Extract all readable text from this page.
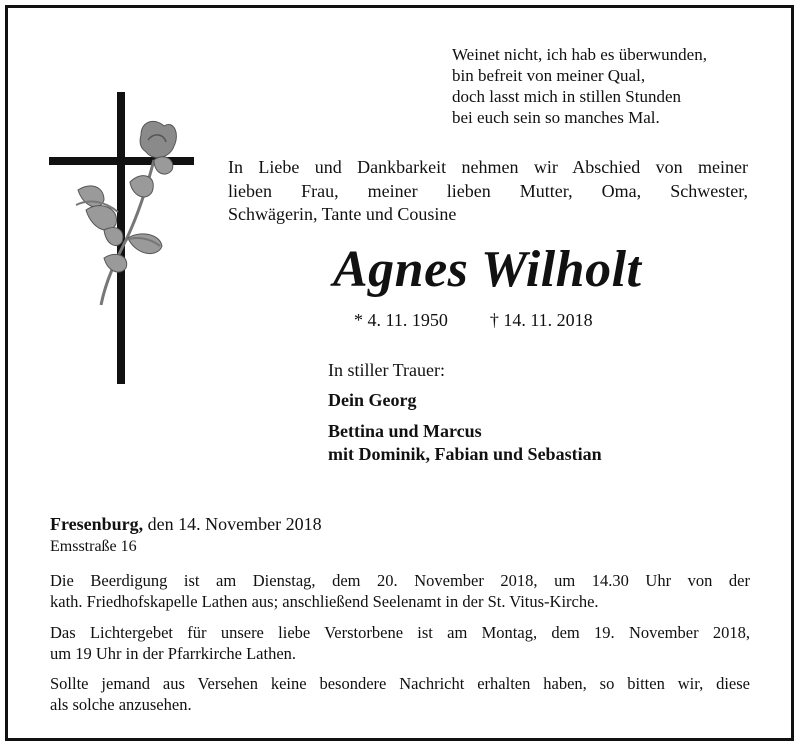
Weinet nicht, ich hab es überwunden,
bin befreit von meiner Qual,
doch lasst mich in stillen Stunden
bei euch sein so manches Mal.
In Liebe und Dankbarkeit nehmen wir Abschied von meiner
lieben Frau, meiner lieben Mutter, Oma, Schwester,
Schwägerin, Tante und Cousine
Agnes Wilholt
* 4. 11. 1950 † 14. 11. 2018
In stiller Trauer:
Dein Georg
Bettina und Marcus
mit Dominik, Fabian und Sebastian
Fresenburg, den 14. November 2018
Emsstraße 16
Die Beerdigung ist am Dienstag, dem 20. November 2018, um 14.30 Uhr von der
kath. Friedhofskapelle Lathen aus; anschließend Seelenamt in der St. Vitus-Kirche.
Das Lichtergebet für unsere liebe Verstorbene ist am Montag, dem 19. November 2018,
um 19 Uhr in der Pfarrkirche Lathen.
Sollte jemand aus Versehen keine besondere Nachricht erhalten haben, so bitten wir, diese
als solche anzusehen.
